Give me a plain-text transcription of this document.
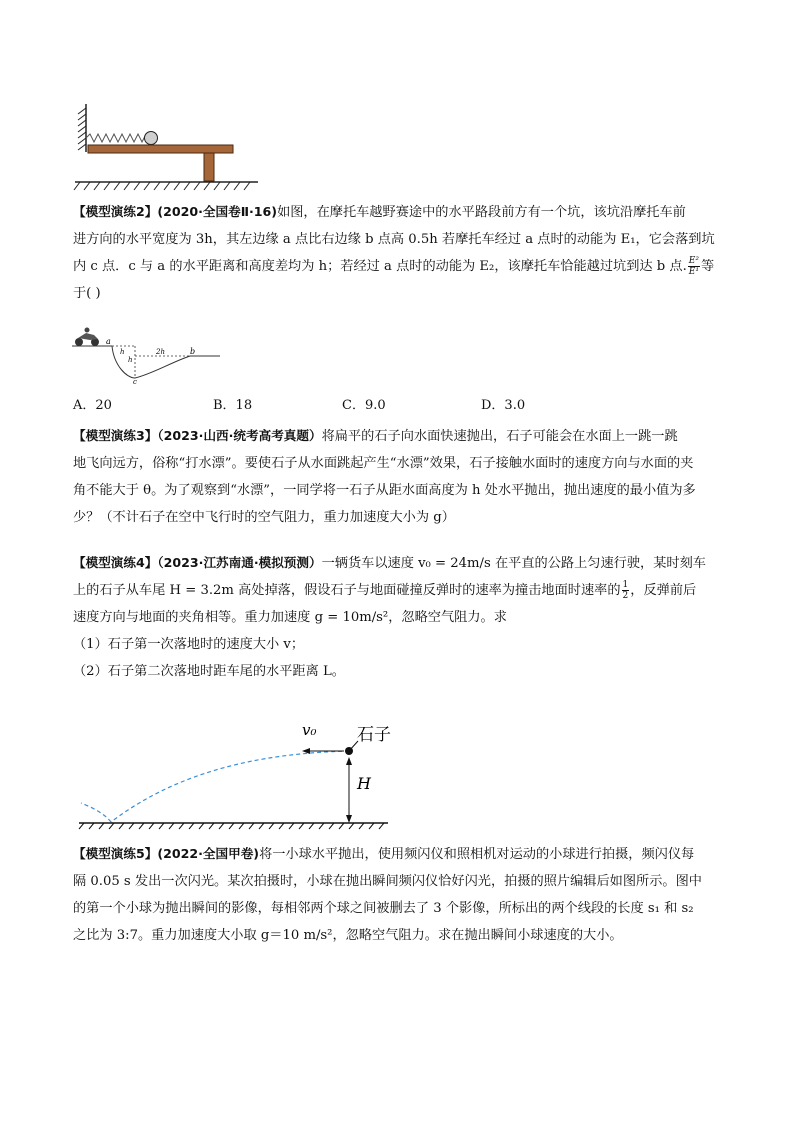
【模型演练2】(2020·全国卷Ⅱ·16)如图，在摩托车越野赛途中的水平路段前方有一个坑，该坑沿摩托车前
进方向的水平宽度为 3h，其左边缘 a 点比右边缘 b 点高 0.5h 若摩托车经过 a 点时的动能为 E₁，它会落到坑
内 c 点．c 与 a 的水平距离和高度差均为 h；若经过 a 点时的动能为 E₂，该摩托车恰能越过坑到达 b 点. $\frac{\text{E²}}{\text{E¹}}$ 等
于( )
a
h
h
2h	b
c
A．20	B．18	C．9.0	D．3.0
【模型演练3】（2023·山西·统考高考真题）将扁平的石子向水面快速抛出，石子可能会在水面上一跳一跳
地飞向远方，俗称“打水漂”。要使石子从水面跳起产生“水漂”效果，石子接触水面时的速度方向与水面的夹
角不能大于 θ。为了观察到“水漂”，一同学将一石子从距水面高度为 h 处水平抛出，抛出速度的最小值为多
少？（不计石子在空中飞行时的空气阻力，重力加速度大小为 g）
【模型演练4】（2023·江苏南通·模拟预测）一辆货车以速度 v₀ = 24m/s 在平直的公路上匀速行驶，某时刻车
上的石子从车尾 H = 3.2m 高处掉落，假设石子与地面碰撞反弹时的速率为撞击地面时速率的 $\frac{1}{2}$ ，反弹前后
速度方向与地面的夹角相等。重力加速度 g = 10m/s²，忽略空气阻力。求
（1）石子第一次落地时的速度大小 v；
（2）石子第二次落地时距车尾的水平距离 L。
v₀ 石子
H
【模型演练5】(2022·全国甲卷)将一小球水平抛出，使用频闪仪和照相机对运动的小球进行拍摄，频闪仪每
隔 0.05 s 发出一次闪光。某次拍摄时，小球在抛出瞬间频闪仪恰好闪光，拍摄的照片编辑后如图所示。图中
的第一个小球为抛出瞬间的影像，每相邻两个球之间被删去了 3 个影像，所标出的两个线段的长度 s₁ 和 s₂
之比为 3:7。重力加速度大小取 g＝10 m/s²，忽略空气阻力。求在抛出瞬间小球速度的大小。
